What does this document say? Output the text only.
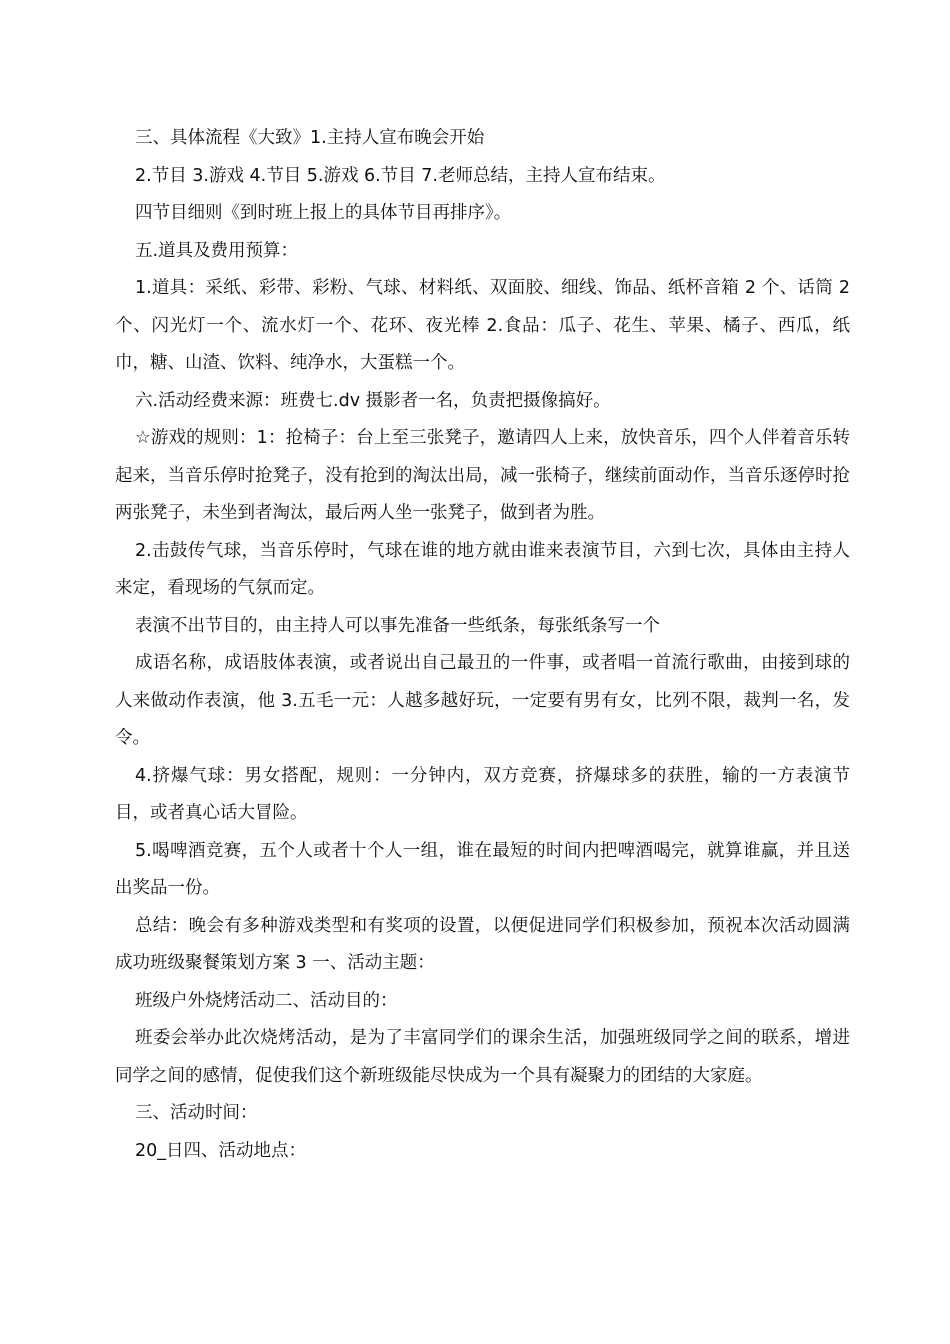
三、具体流程《大致》1.主持人宣布晚会开始

2.节目 3.游戏 4.节目 5.游戏 6.节目 7.老师总结，主持人宣布结束。

四节目细则《到时班上报上的具体节目再排序》。

五.道具及费用预算：

1.道具：采纸、彩带、彩粉、气球、材料纸、双面胶、细线、饰品、纸杯音箱 2 个、话筒 2 个、闪光灯一个、流水灯一个、花环、夜光棒 2.食品：瓜子、花生、苹果、橘子、西瓜，纸巾，糖、山渣、饮料、纯净水，大蛋糕一个。

六.活动经费来源：班费七.dv 摄影者一名，负责把摄像搞好。

☆游戏的规则：1：抢椅子：台上至三张凳子，邀请四人上来，放快音乐，四个人伴着音乐转起来，当音乐停时抢凳子，没有抢到的淘汰出局，减一张椅子，继续前面动作，当音乐逐停时抢两张凳子，未坐到者淘汰，最后两人坐一张凳子，做到者为胜。

2.击鼓传气球，当音乐停时，气球在谁的地方就由谁来表演节目，六到七次，具体由主持人来定，看现场的气氛而定。

表演不出节目的，由主持人可以事先准备一些纸条，每张纸条写一个

成语名称，成语肢体表演，或者说出自己最丑的一件事，或者唱一首流行歌曲，由接到球的人来做动作表演，他 3.五毛一元：人越多越好玩，一定要有男有女，比列不限，裁判一名，发令。

4.挤爆气球：男女搭配，规则：一分钟内，双方竞赛，挤爆球多的获胜，输的一方表演节目，或者真心话大冒险。

5.喝啤酒竞赛，五个人或者十个人一组，谁在最短的时间内把啤酒喝完，就算谁赢，并且送出奖品一份。

总结：晚会有多种游戏类型和有奖项的设置，以便促进同学们积极参加，预祝本次活动圆满成功班级聚餐策划方案 3 一、活动主题：

班级户外烧烤活动二、活动目的：

班委会举办此次烧烤活动，是为了丰富同学们的课余生活，加强班级同学之间的联系，增进同学之间的感情，促使我们这个新班级能尽快成为一个具有凝聚力的团结的大家庭。

三、活动时间：

20_日四、活动地点：
